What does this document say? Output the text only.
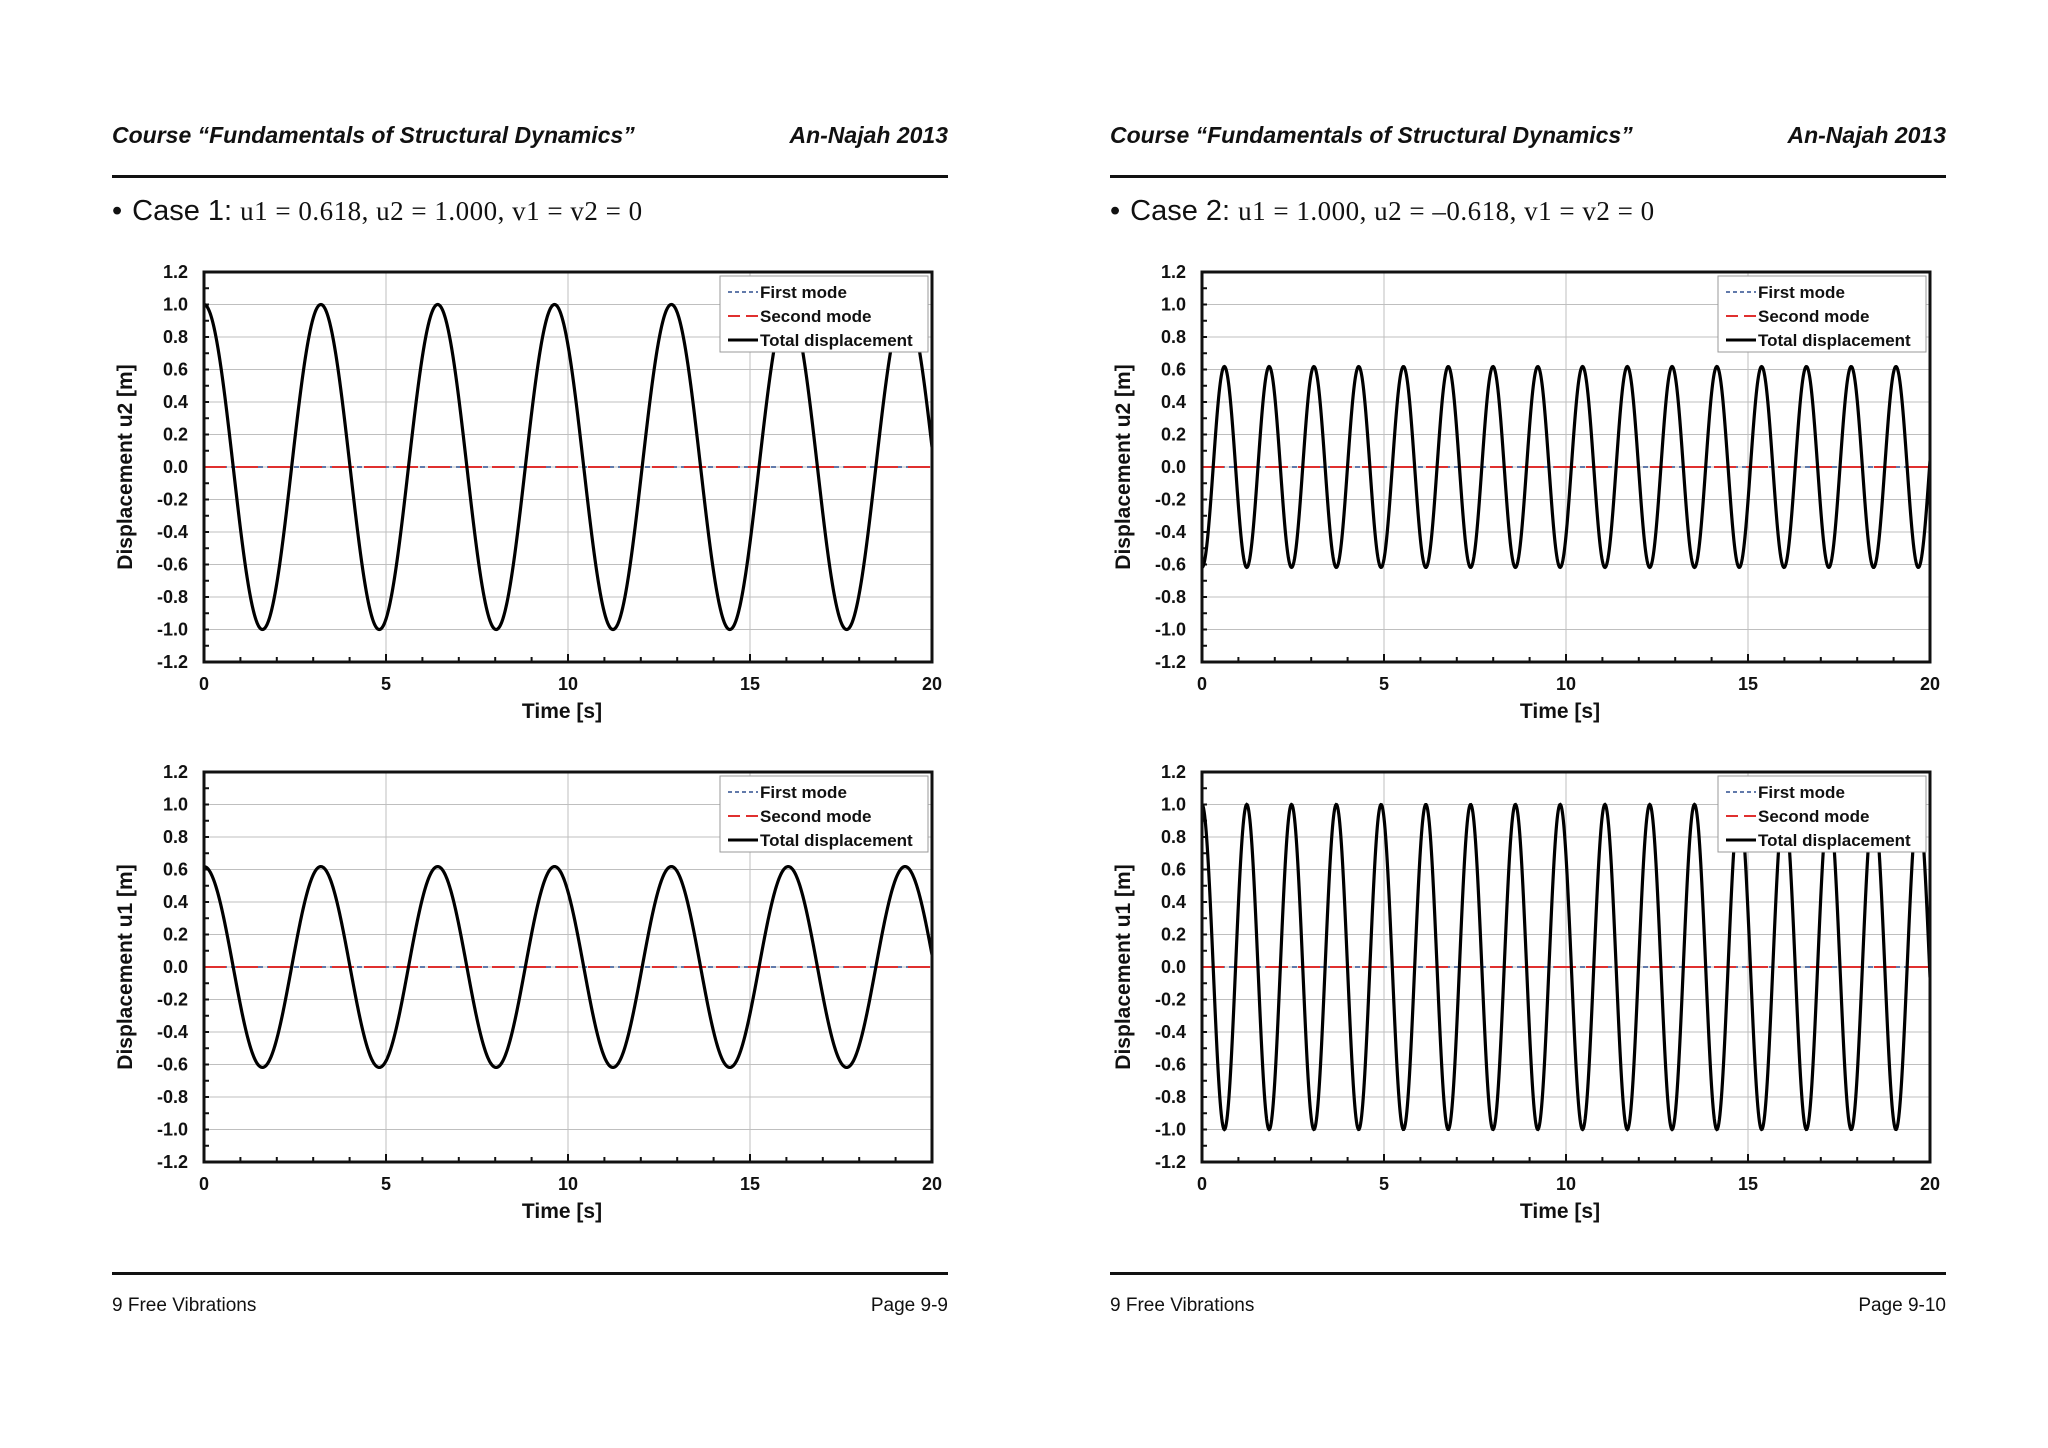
Course “Fundamentals of Structural Dynamics”	An-Najah 2013
• Case 1: u1 = 0.618, u2 = 1.000, v1 = v2 = 0
1.2
1.0
0.8
0.6
0.4
0.2
0.0
-0.2
-0.4
-0.6
-0.8
-1.0
-1.2
0	5	10	15	20
Time [s]
Displacement u2 [m]
First mode
Second mode
Total displacement
1.2
1.0
0.8
0.6
0.4
0.2
0.0
-0.2
-0.4
-0.6
-0.8
-1.0
-1.2
0	5	10	15	20
Time [s]
Displacement u1 [m]
First mode
Second mode
Total displacement
9 Free Vibrations	Page 9-9
Course “Fundamentals of Structural Dynamics”	An-Najah 2013
• Case 2: u1 = 1.000, u2 = –0.618, v1 = v2 = 0
1.2
1.0
0.8
0.6
0.4
0.2
0.0
-0.2
-0.4
-0.6
-0.8
-1.0
-1.2
0	5	10	15	20
Time [s]
Displacement u2 [m]
First mode
Second mode
Total displacement
1.2
1.0
0.8
0.6
0.4
0.2
0.0
-0.2
-0.4
-0.6
-0.8
-1.0
-1.2
0	5	10	15	20
Time [s]
Displacement u1 [m]
First mode
Second mode
Total displacement
9 Free Vibrations	Page 9-10
